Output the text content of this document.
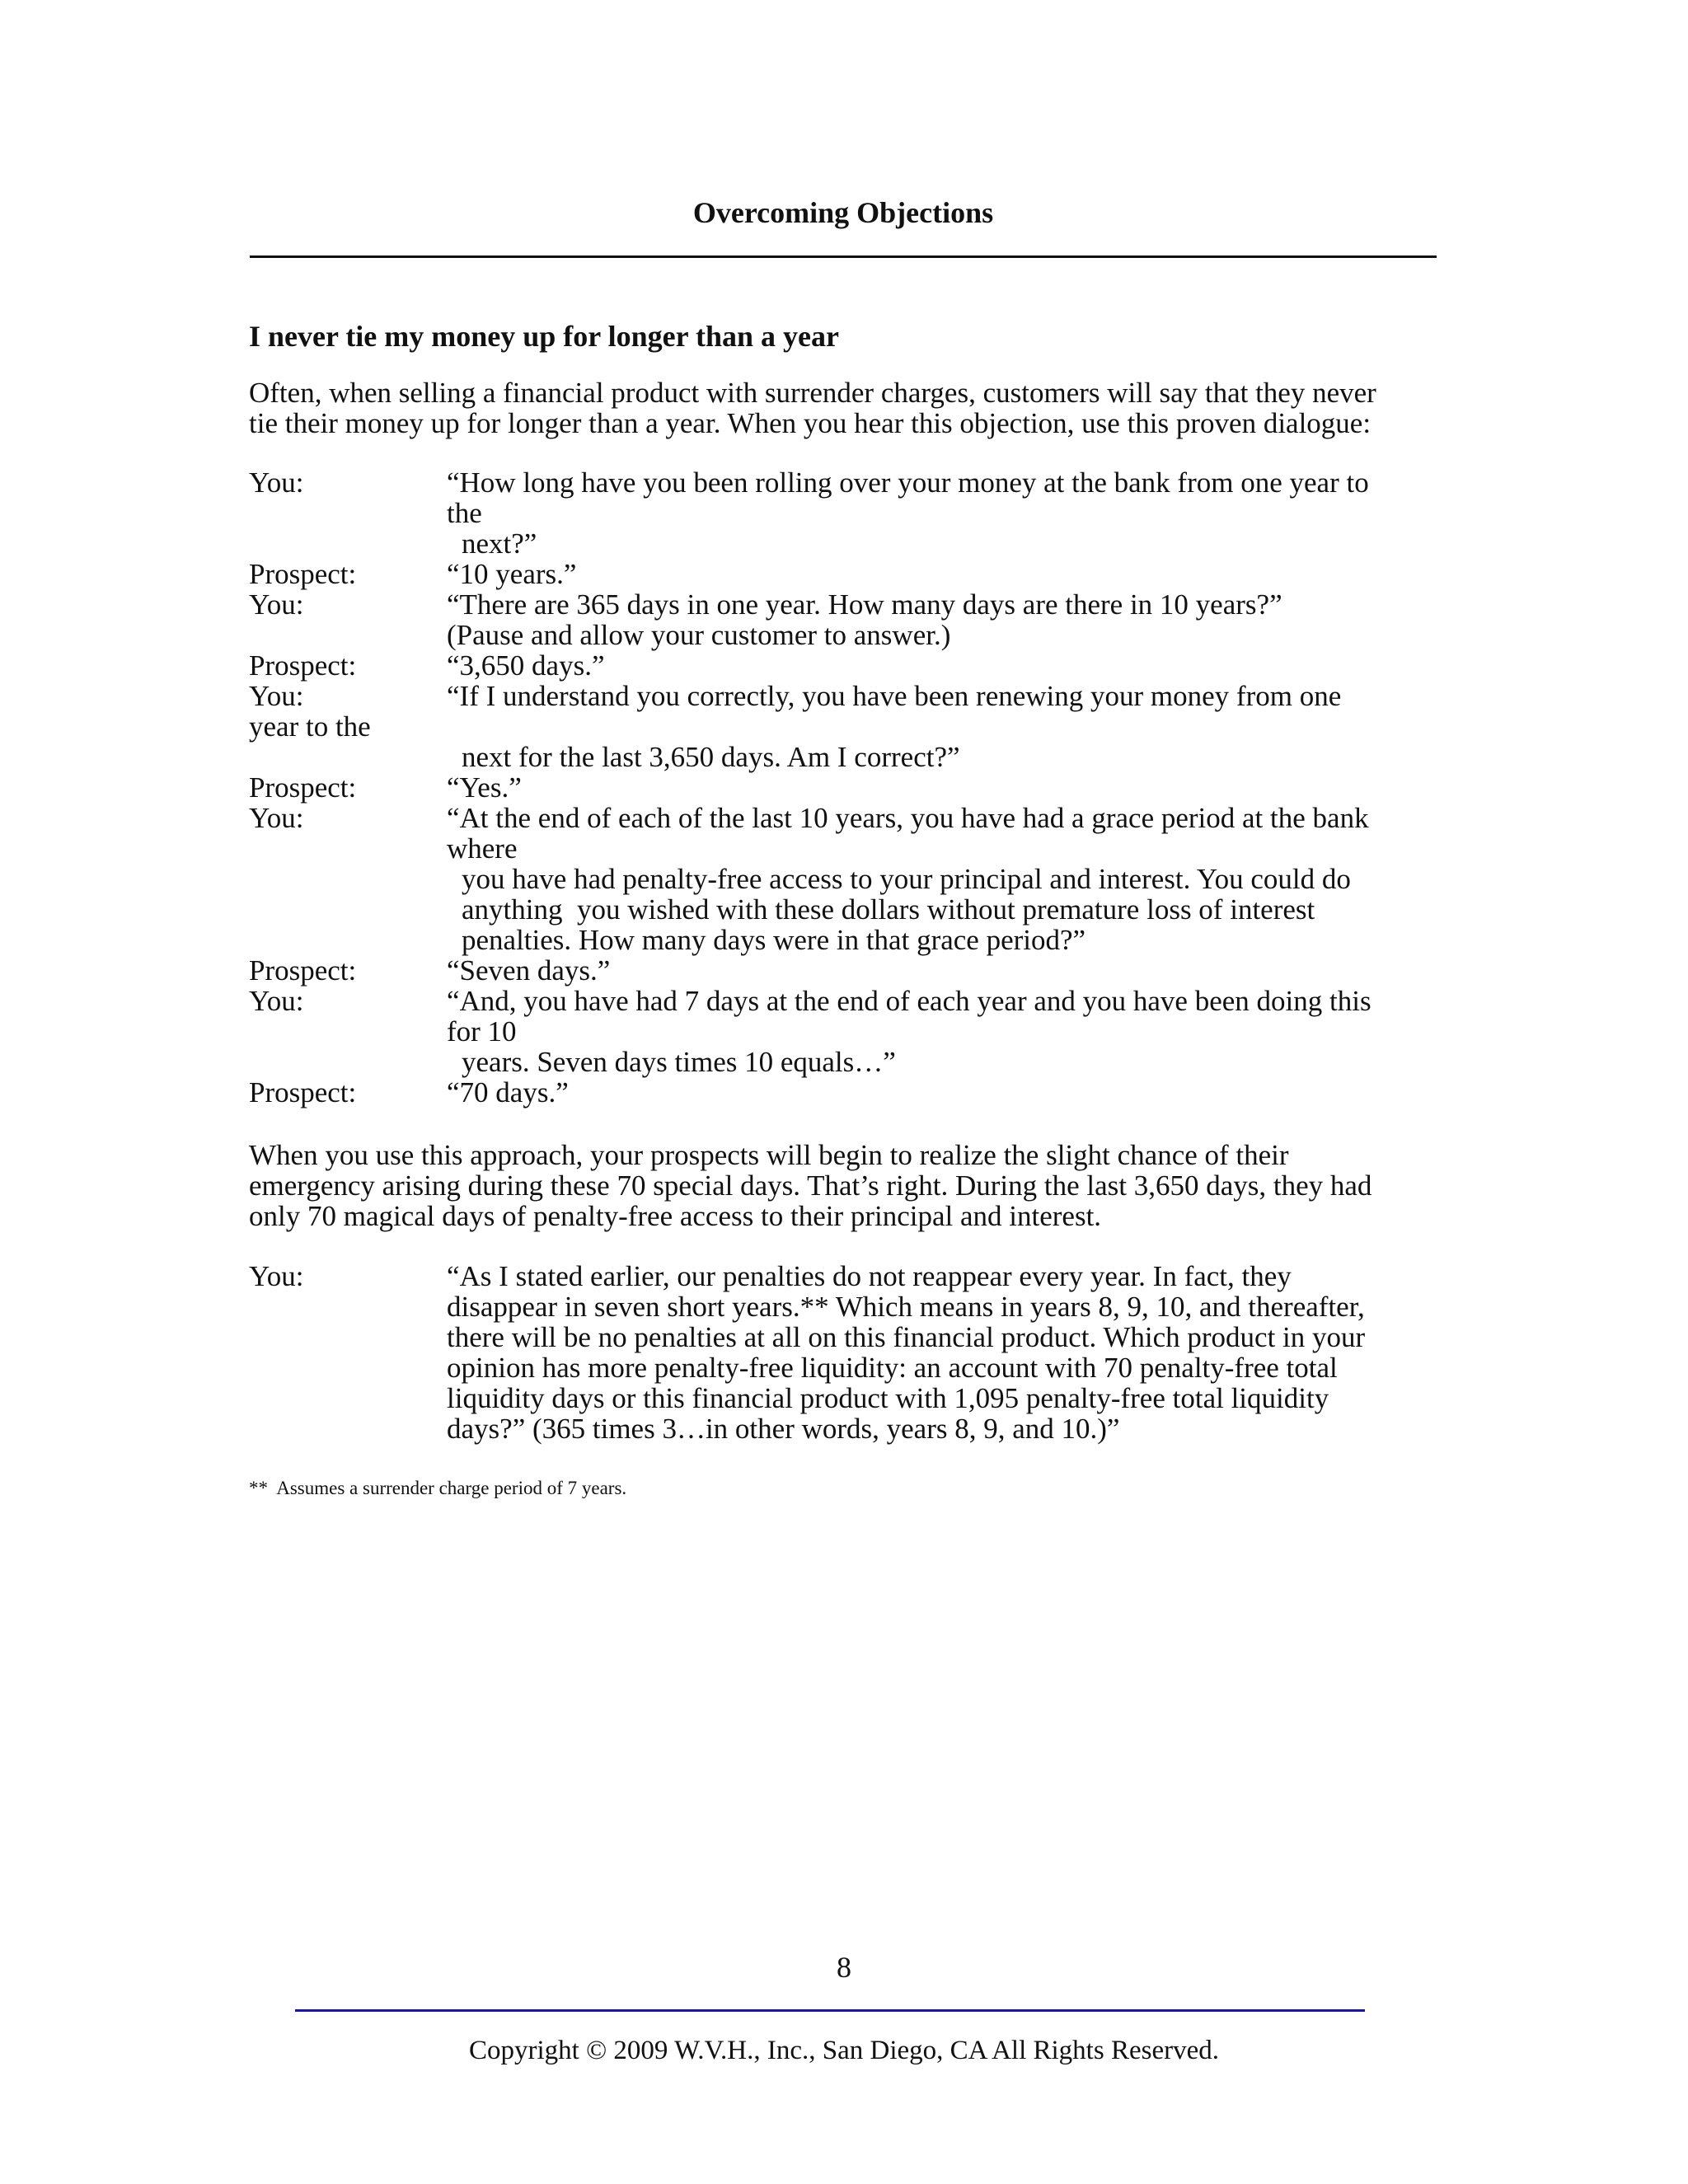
Overcoming Objections
I never tie my money up for longer than a year
Often, when selling a financial product with surrender charges, customers will say that they never
tie their money up for longer than a year. When you hear this objection, use this proven dialogue:
You:	“How long have you been rolling over your money at the bank from one year to
the
next?”
Prospect:	“10 years.”
You:	“There are 365 days in one year. How many days are there in 10 years?”
(Pause and allow your customer to answer.)
Prospect:	“3,650 days.”
You:	“If I understand you correctly, you have been renewing your money from one
year to the
next for the last 3,650 days. Am I correct?”
Prospect:	“Yes.”
You:	“At the end of each of the last 10 years, you have had a grace period at the bank
where
you have had penalty-free access to your principal and interest. You could do
anything  you wished with these dollars without premature loss of interest
penalties. How many days were in that grace period?”
Prospect:	“Seven days.”
You:	“And, you have had 7 days at the end of each year and you have been doing this
for 10
years. Seven days times 10 equals…”
Prospect:	“70 days.”
When you use this approach, your prospects will begin to realize the slight chance of their
emergency arising during these 70 special days. That’s right. During the last 3,650 days, they had
only 70 magical days of penalty-free access to their principal and interest.
You:	“As I stated earlier, our penalties do not reappear every year. In fact, they
disappear in seven short years.** Which means in years 8, 9, 10, and thereafter,
there will be no penalties at all on this financial product. Which product in your
opinion has more penalty-free liquidity: an account with 70 penalty-free total
liquidity days or this financial product with 1,095 penalty-free total liquidity
days?” (365 times 3…in other words, years 8, 9, and 10.)”
**  Assumes a surrender charge period of 7 years.
8
Copyright © 2009 W.V.H., Inc., San Diego, CA All Rights Reserved.
